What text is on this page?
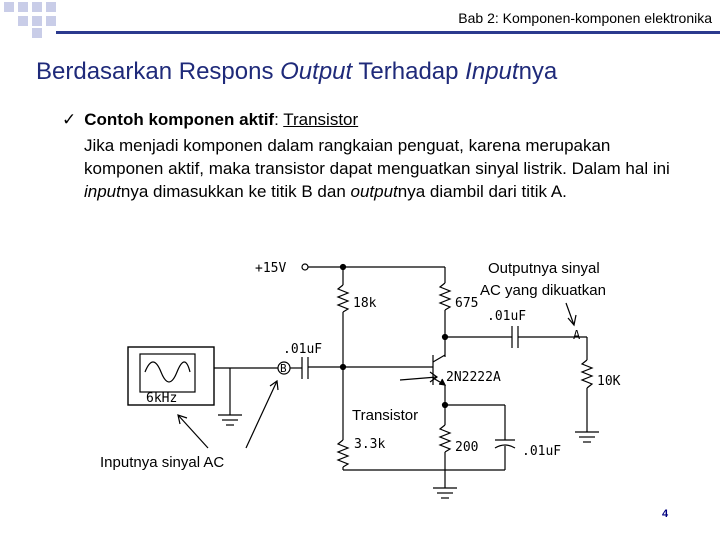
Bab 2: Komponen-komponen elektronika
Berdasarkan Respons Output Terhadap Inputnya
✓ Contoh komponen aktif: Transistor
Jika menjadi komponen dalam rangkaian penguat, karena merupakan komponen aktif, maka transistor dapat menguatkan sinyal listrik. Dalam hal ini inputnya dimasukkan ke titik B dan outputnya diambil dari titik A.
+15V
18k	675
.01uF
A
.01uF
B
2N2222A	10K
6kHz
3.3k	200	.01uF
Outputnya sinyal
AC yang dikuatkan
Transistor
Inputnya sinyal AC
4
